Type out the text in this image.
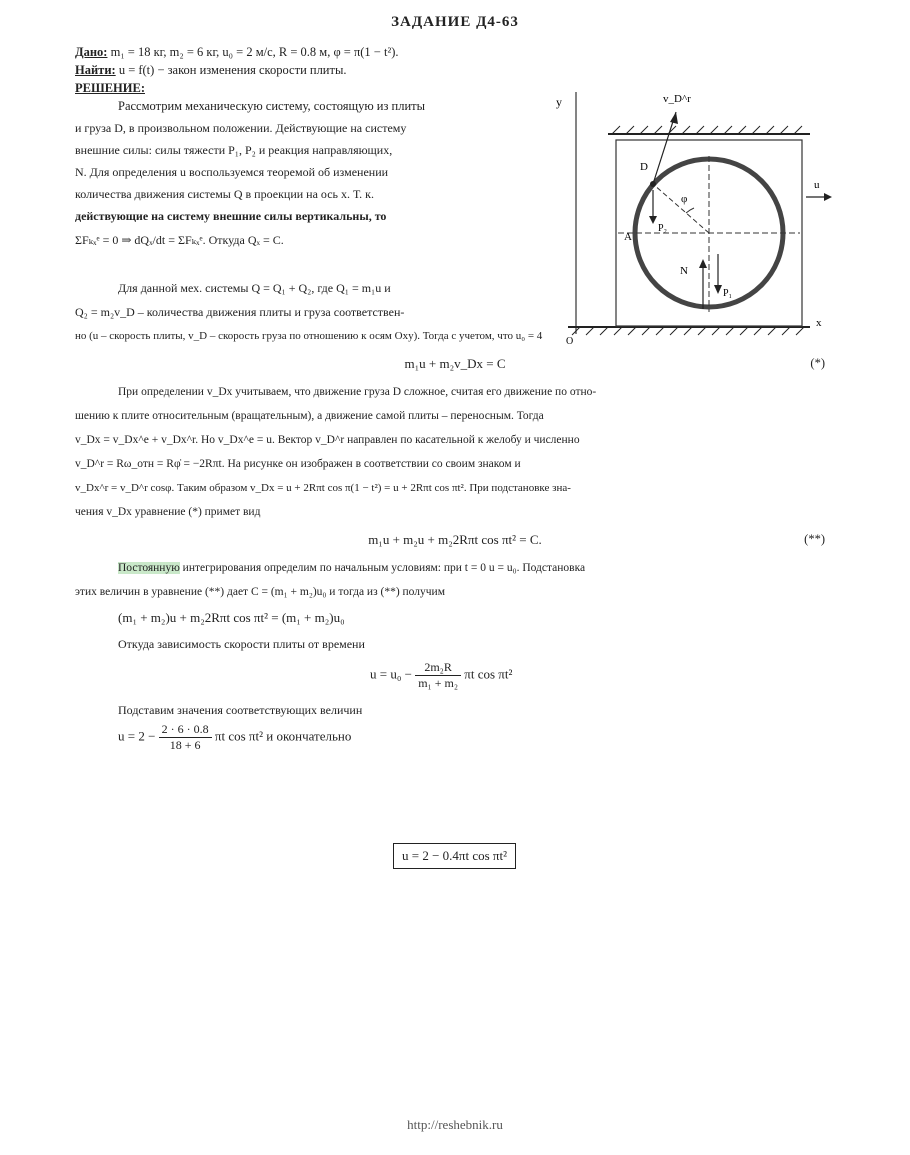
ЗАДАНИЕ Д4-63
Дано: m₁ = 18 кг, m₂ = 6 кг, u₀ = 2 м/с, R = 0.8 м, φ = π(1 − t²).
Найти: u = f(t) − закон изменения скорости плиты.
РЕШЕНИЕ:
Рассмотрим механическую систему, состоящую из плиты
и груза D, в произвольном положении. Действующие на систему
внешние силы: силы тяжести P₁, P₂ и реакция направляющих,
N. Для определения u воспользуемся теоремой об изменении
количества движения системы Q в проекции на ось x. Т. к.
действующие на систему внешние силы вертикальны, то
ΣFₖₓᵉ = 0 ⇒ dQₓ/dt = ΣFₖₓᵉ. Откуда Qₓ = C.
Для данной мех. системы Q = Q₁ + Q₂, где Q₁ = m₁u и
Q₂ = m₂v_D – количества движения плиты и груза соответствен-
но (u – скорость плиты, v_D – скорость груза по отношению к осям Oxy). Тогда с учетом, что u₀ = 4
m₁u + m₂v_Dx = C	(*)
При определении v_Dx учитываем, что движение груза D сложное, считая его движение по отно-
шению к плите относительным (вращательным), а движение самой плиты – переносным. Тогда
v_Dx = v_Dx^e + v_Dx^r. Но v_Dx^e = u. Вектор v_D^r направлен по касательной к желобу и численно
v_D^r = Rω_отн = Rφ̇ = −2Rπt. На рисунке он изображен в соответствии со своим знаком и
v_Dx^r = v_D^r cosφ. Таким образом v_Dx = u + 2Rπt cos π(1 − t²) = u + 2Rπt cos πt². При подстановке зна-
чения v_Dx уравнение (*) примет вид
m₁u + m₂u + m₂2Rπt cos πt² = C.	(**)
Постоянную интегрирования определим по начальным условиям: при t = 0 u = u₀. Подстановка
этих величин в уравнение (**) дает C = (m₁ + m₂)u₀ и тогда из (**) получим
(m₁ + m₂)u + m₂2Rπt cos πt² = (m₁ + m₂)u₀
Откуда зависимость скорости плиты от времени
$u = u_0 - \frac{\text{2m₂R}}{\text{m₁ + m₂}}$ πt cos πt²
Подставим значения соответствующих величин
$u = 2 - \frac{2 \cdot 6 \cdot 0.8}{18 + 6}$ πt cos πt² и окончательно
u = 2 − 0.4πt cos πt²
y
x
O
φ
D
v_D^r
P₂
A
N
P₁
u
http://reshebnik.ru
